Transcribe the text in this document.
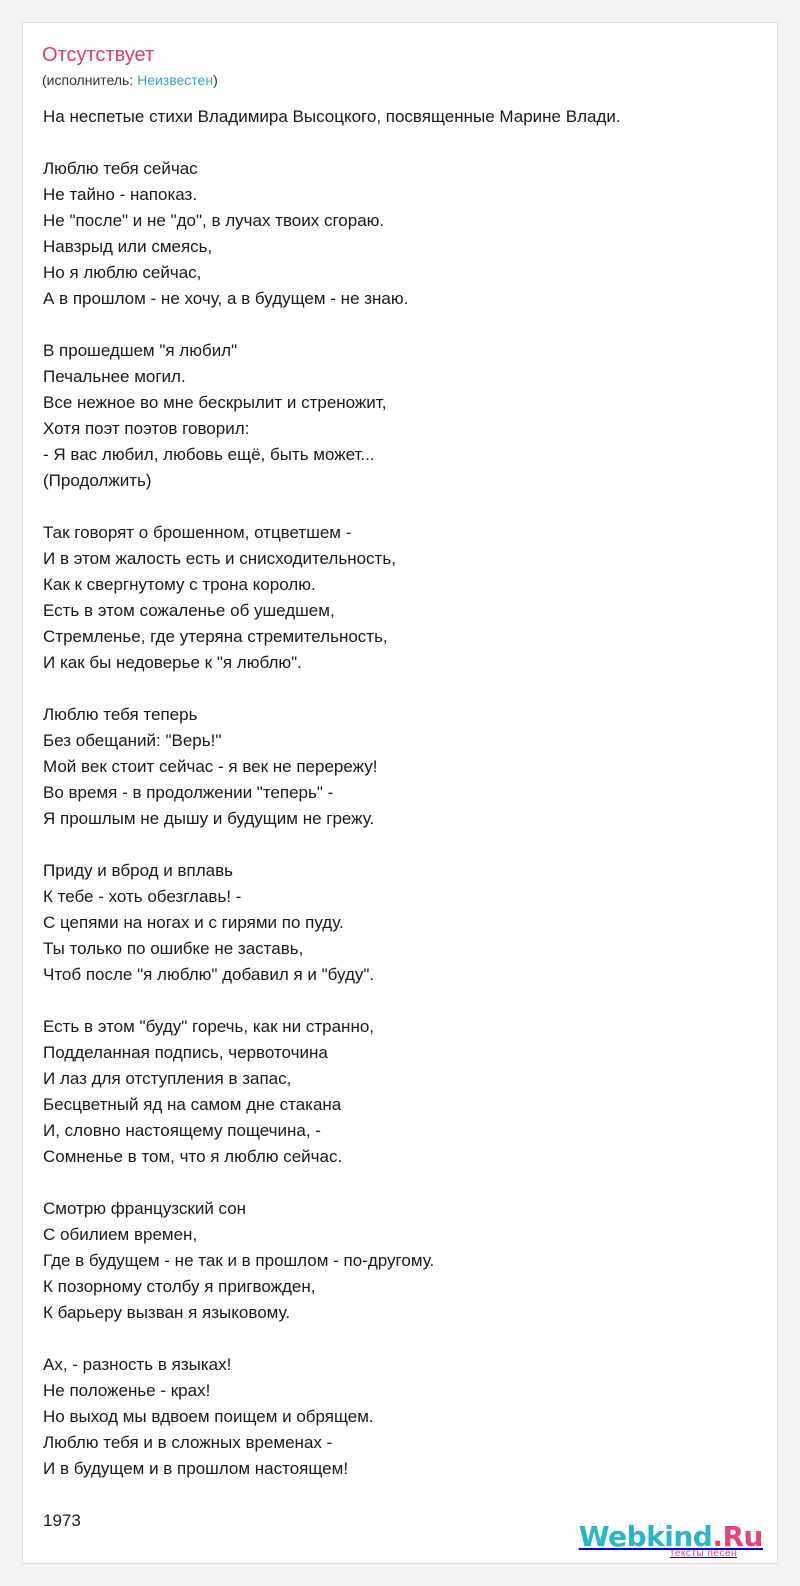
Отсутствует
(исполнитель: Неизвестен)
На неспетые стихи Владимира Высоцкого, посвященные Марине Влади.
Люблю тебя сейчас
Не тайно - напоказ.
Не "после" и не "до", в лучах твоих сгораю.
Навзрыд или смеясь,
Но я люблю сейчас,
А в прошлом - не хочу, а в будущем - не знаю.
В прошедшем "я любил"
Печальнее могил.
Все нежное во мне бескрылит и стреножит,
Хотя поэт поэтов говорил:
- Я вас любил, любовь ещё, быть может...
(Продолжить)
Так говорят о брошенном, отцветшем -
И в этом жалость есть и снисходительность,
Как к свергнутому с трона королю.
Есть в этом сожаленье об ушедшем,
Стремленье, где утеряна стремительность,
И как бы недоверье к "я люблю".
Люблю тебя теперь
Без обещаний: "Верь!"
Мой век стоит сейчас - я век не перережу!
Во время - в продолжении "теперь" -
Я прошлым не дышу и будущим не грежу.
Приду и вброд и вплавь
К тебе - хоть обезглавь! -
С цепями на ногах и с гирями по пуду.
Ты только по ошибке не заставь,
Чтоб после "я люблю" добавил я и "буду".
Есть в этом "буду" горечь, как ни странно,
Подделанная подпись, червоточина
И лаз для отступления в запас,
Бесцветный яд на самом дне стакана
И, словно настоящему пощечина, -
Сомненье в том, что я люблю сейчас.
Смотрю французский сон
С обилием времен,
Где в будущем - не так и в прошлом - по-другому.
К позорному столбу я пригвожден,
К барьеру вызван я языковому.
Ах, - разность в языках!
Не положенье - крах!
Но выход мы вдвоем поищем и обрящем.
Люблю тебя и в сложных временах -
И в будущем и в прошлом настоящем!
1973	Webkind.Ru
тексты песен
